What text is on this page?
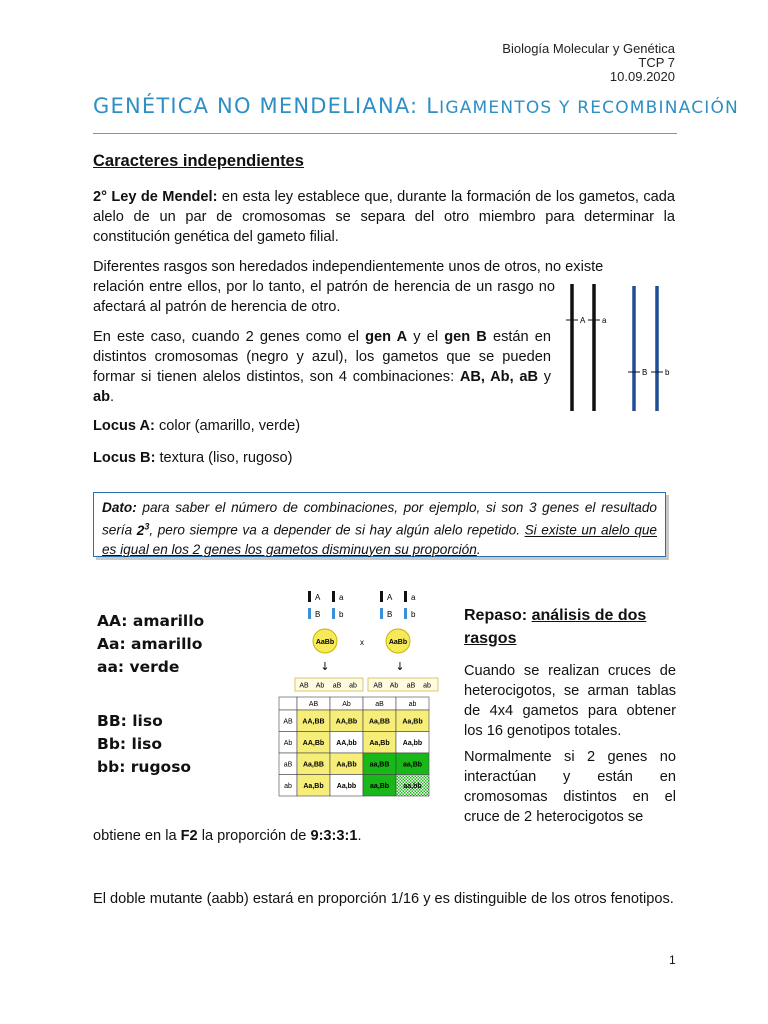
Biología Molecular y Genética
TCP 7
10.09.2020
GENÉTICA NO MENDELIANA: LIGAMENTOS Y RECOMBINACIÓN
Caracteres independientes
2° Ley de Mendel: en esta ley establece que, durante la formación de los gametos, cada alelo de un par de cromosomas se separa del otro miembro para determinar la constitución genética del gameto filial.
Diferentes rasgos son heredados independientemente unos de otros, no existe
relación entre ellos, por lo tanto, el patrón de herencia de un rasgo no afectará al patrón de herencia de otro.
En este caso, cuando 2 genes como el gen A y el gen B están en distintos cromosomas (negro y azul), los gametos que se pueden formar si tienen alelos distintos, son 4 combinaciones: AB, Ab, aB y ab.
Locus A: color (amarillo, verde)
Locus B: textura (liso, rugoso)
A a
B b
Dato: para saber el número de combinaciones, por ejemplo, si son 3 genes el resultado sería $2^3$, pero siempre va a depender de si hay algún alelo repetido. Si existe un alelo que es igual en los 2 genes los gametos disminuyen su proporción.
AA: amarillo
Aa: amarillo
aa: verde
BB: liso
Bb: liso
bb: rugoso
A a
B b
A a
B b
AaBb	x	AaBb
↓	↓
AB Ab aB ab AB Ab aB ab
AB	Ab	aB	ab
AB AA,BB AA,Bb Aa,BB Aa,Bb
Ab AA,Bb AA,bb Aa,Bb Aa,bb
aB Aa,BB Aa,Bb aa,BB aa,Bb
ab Aa,Bb Aa,bb aa,Bb aa,bb
Repaso: análisis de dos rasgos
Cuando se realizan cruces de heterocigotos, se arman tablas de 4x4 gametos para obtener los 16 genotipos totales.
Normalmente si 2 genes no interactúan y están en cromosomas distintos en el cruce de 2 heterocigotos se
obtiene en la F2 la proporción de 9:3:3:1.
El doble mutante (aabb) estará en proporción 1/16 y es distinguible de los otros fenotipos.
1
